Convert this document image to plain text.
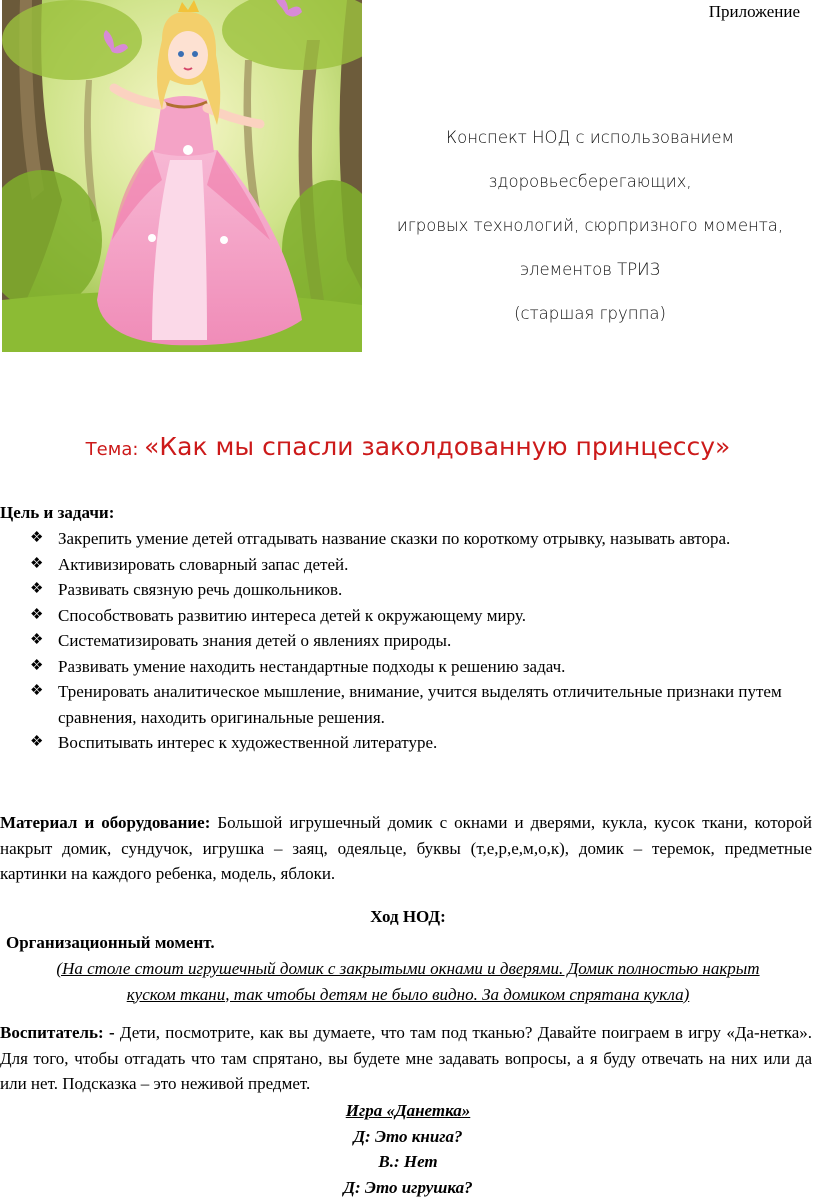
Приложение
Конспект НОД с использованием
здоровьесберегающих,
игровых технологий, сюрпризного момента,
элементов ТРИЗ
(старшая группа)
Тема: «Как мы спасли заколдованную принцессу»
Цель и задачи:
❖ Закрепить умение детей отгадывать название сказки по короткому отрывку, называть автора.
❖ Активизировать словарный запас детей.
❖ Развивать связную речь дошкольников.
❖ Способствовать развитию интереса детей к окружающему миру.
❖ Систематизировать знания детей о явлениях природы.
❖ Развивать умение находить нестандартные подходы к решению задач.
❖ Тренировать аналитическое мышление, внимание, учится выделять отличительные признаки путем сравнения, находить оригинальные решения.
❖ Воспитывать интерес к художественной литературе.
Материал и оборудование: Большой игрушечный домик с окнами и дверями, кукла, кусок ткани, которой накрыт домик, сундучок, игрушка – заяц, одеяльце, буквы (т,е,р,е,м,о,к), домик – теремок, предметные картинки на каждого ребенка, модель, яблоки.
Ход НОД:
Организационный момент.
(На столе стоит игрушечный домик с закрытыми окнами и дверями. Домик полностью накрыт
куском ткани, так чтобы детям не было видно. За домиком спрятана кукла)
Воспитатель: - Дети, посмотрите, как вы думаете, что там под тканью? Давайте поиграем в игру «Да-нетка». Для того, чтобы отгадать что там спрятано, вы будете мне задавать вопросы, а я буду отвечать на них или да или нет. Подсказка – это неживой предмет.
Игра «Данетка»
Д: Это книга?
В.: Нет
Д: Это игрушка?
